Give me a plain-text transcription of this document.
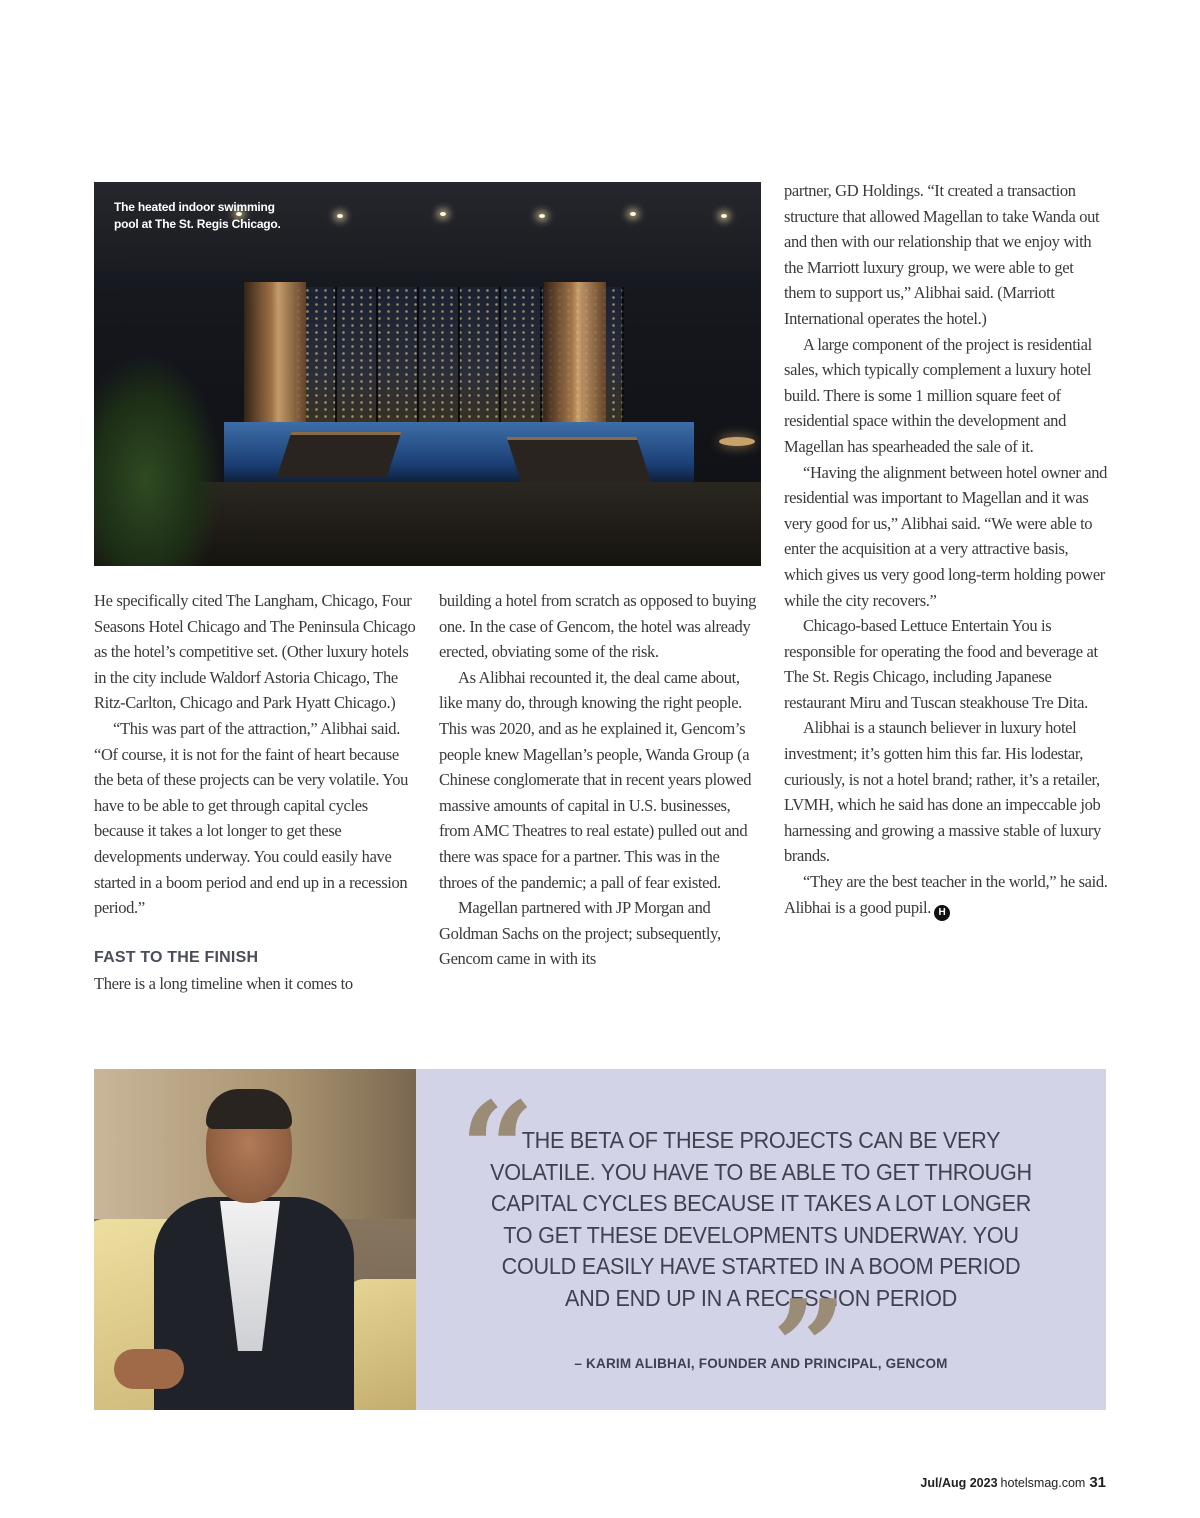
The heated indoor swimming
pool at The St. Regis Chicago.

He specifically cited The Langham, Chicago, Four Seasons Hotel Chicago and The Peninsula Chicago as the hotel’s competitive set. (Other luxury hotels in the city include Waldorf Astoria Chicago, The Ritz-Carlton, Chicago and Park Hyatt Chicago.)

“This was part of the attraction,” Alibhai said. “Of course, it is not for the faint of heart because the beta of these projects can be very volatile. You have to be able to get through capital cycles because it takes a lot longer to get these developments underway. You could easily have started in a boom period and end up in a recession period.”

FAST TO THE FINISH

There is a long timeline when it comes to

building a hotel from scratch as opposed to buying one. In the case of Gencom, the hotel was already erected, obviating some of the risk.

As Alibhai recounted it, the deal came about, like many do, through knowing the right people. This was 2020, and as he explained it, Gencom’s people knew Magellan’s people, Wanda Group (a Chinese conglomerate that in recent years plowed massive amounts of capital in U.S. businesses, from AMC Theatres to real estate) pulled out and there was space for a partner. This was in the throes of the pandemic; a pall of fear existed.

Magellan partnered with JP Morgan and Goldman Sachs on the project; subsequently, Gencom came in with its

partner, GD Holdings. “It created a transaction structure that allowed Magellan to take Wanda out and then with our relationship that we enjoy with the Marriott luxury group, we were able to get them to support us,” Alibhai said. (Marriott International operates the hotel.)

A large component of the project is residential sales, which typically complement a luxury hotel build. There is some 1 million square feet of residential space within the development and Magellan has spearheaded the sale of it.

“Having the alignment between hotel owner and residential was important to Magellan and it was very good for us,” Alibhai said. “We were able to enter the acquisition at a very attractive basis, which gives us very good long-term holding power while the city recovers.”

Chicago-based Lettuce Entertain You is responsible for operating the food and beverage at The St. Regis Chicago, including Japanese restaurant Miru and Tuscan steakhouse Tre Dita.

Alibhai is a staunch believer in luxury hotel investment; it’s gotten him this far. His lodestar, curiously, is not a hotel brand; rather, it’s a retailer, LVMH, which he said has done an impeccable job harnessing and growing a massive stable of luxury brands.

“They are the best teacher in the world,” he said. Alibhai is a good pupil. H

“
THE BETA OF THESE PROJECTS CAN BE VERY VOLATILE. YOU HAVE TO BE ABLE TO GET THROUGH CAPITAL CYCLES BECAUSE IT TAKES A LOT LONGER TO GET THESE DEVELOPMENTS UNDERWAY. YOU COULD EASILY HAVE STARTED IN A BOOM PERIOD AND END UP IN A RECESSION PERIOD
”
– KARIM ALIBHAI, FOUNDER AND PRINCIPAL, GENCOM
Jul/Aug 2023 hotelsmag.com 31
